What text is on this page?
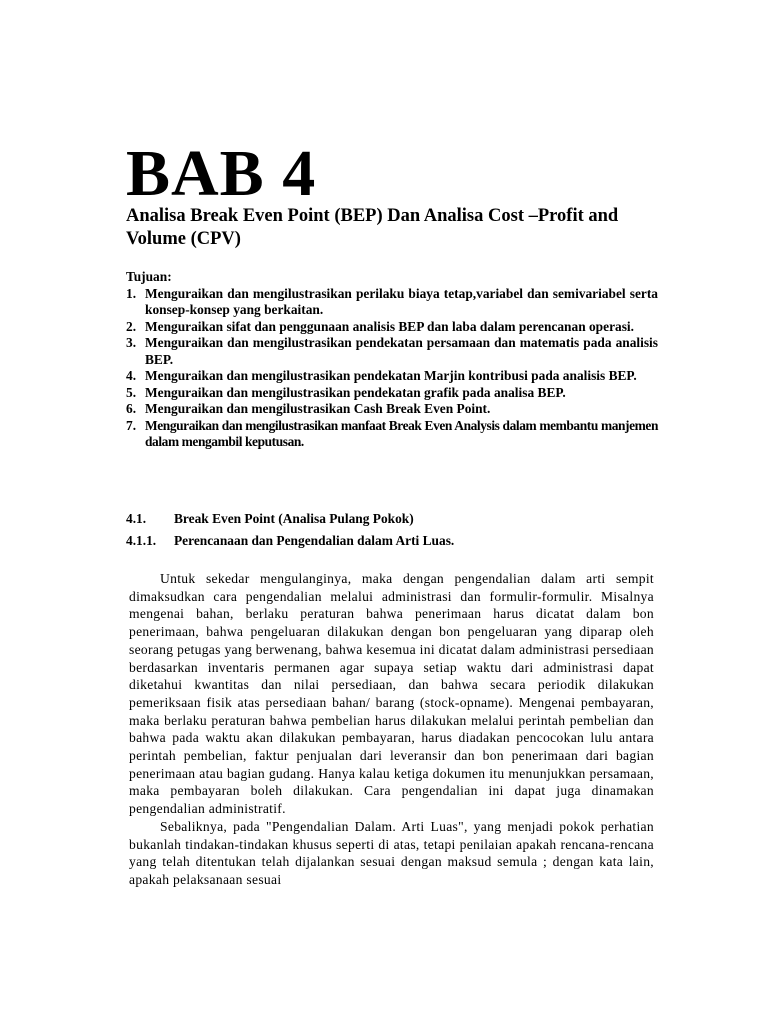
BAB 4
Analisa Break Even Point (BEP) Dan Analisa Cost –Profit and Volume (CPV)

Tujuan:

1. Menguraikan dan mengilustrasikan perilaku biaya tetap,variabel dan semivariabel serta konsep-konsep yang berkaitan.
2. Menguraikan sifat dan penggunaan analisis BEP dan laba dalam perencanan operasi.
3. Menguraikan dan mengilustrasikan pendekatan persamaan dan matematis pada analisis BEP.
4. Menguraikan dan mengilustrasikan pendekatan Marjin kontribusi pada analisis BEP.
5. Menguraikan dan mengilustrasikan pendekatan grafik pada analisa BEP.
6. Menguraikan dan mengilustrasikan Cash Break Even Point.
7. Menguraikan dan mengilustrasikan manfaat Break Even Analysis dalam membantu manjemen dalam mengambil keputusan.
4.1. Break Even Point (Analisa Pulang Pokok)
4.1.1. Perencanaan dan Pengendalian dalam Arti Luas.

Untuk sekedar mengulanginya, maka dengan pengendalian dalam arti sempit dimaksudkan cara pengendalian melalui administrasi dan formulir-formulir. Misalnya mengenai bahan, berlaku peraturan bahwa penerimaan harus dicatat dalam bon penerimaan, bahwa pengeluaran dilakukan dengan bon pengeluaran yang diparap oleh seorang petugas yang berwenang, bahwa kesemua ini dicatat dalam administrasi persediaan berdasarkan inventaris permanen agar supaya setiap waktu dari administrasi dapat diketahui kwantitas dan nilai persediaan, dan bahwa secara periodik dilakukan pemeriksaan fisik atas persediaan bahan/ barang (stock-opname). Mengenai pembayaran, maka berlaku peraturan bahwa pembelian harus dilakukan melalui perintah pembelian dan bahwa pada waktu akan dilakukan pembayaran, harus diadakan pencocokan lulu antara perintah pembelian, faktur penjualan dari leveransir dan bon penerimaan dari bagian penerimaan atau bagian gudang. Hanya kalau ketiga dokumen itu menunjukkan persamaan, maka pembayaran boleh dilakukan. Cara pengendalian ini dapat juga dinamakan pengendalian administratif.

Sebaliknya, pada "Pengendalian Dalam. Arti Luas", yang menjadi pokok perhatian bukanlah tindakan-tindakan khusus seperti di atas, tetapi penilaian apakah rencana-rencana yang telah ditentukan telah dijalankan sesuai dengan maksud semula ; dengan kata lain, apakah pelaksanaan sesuai
